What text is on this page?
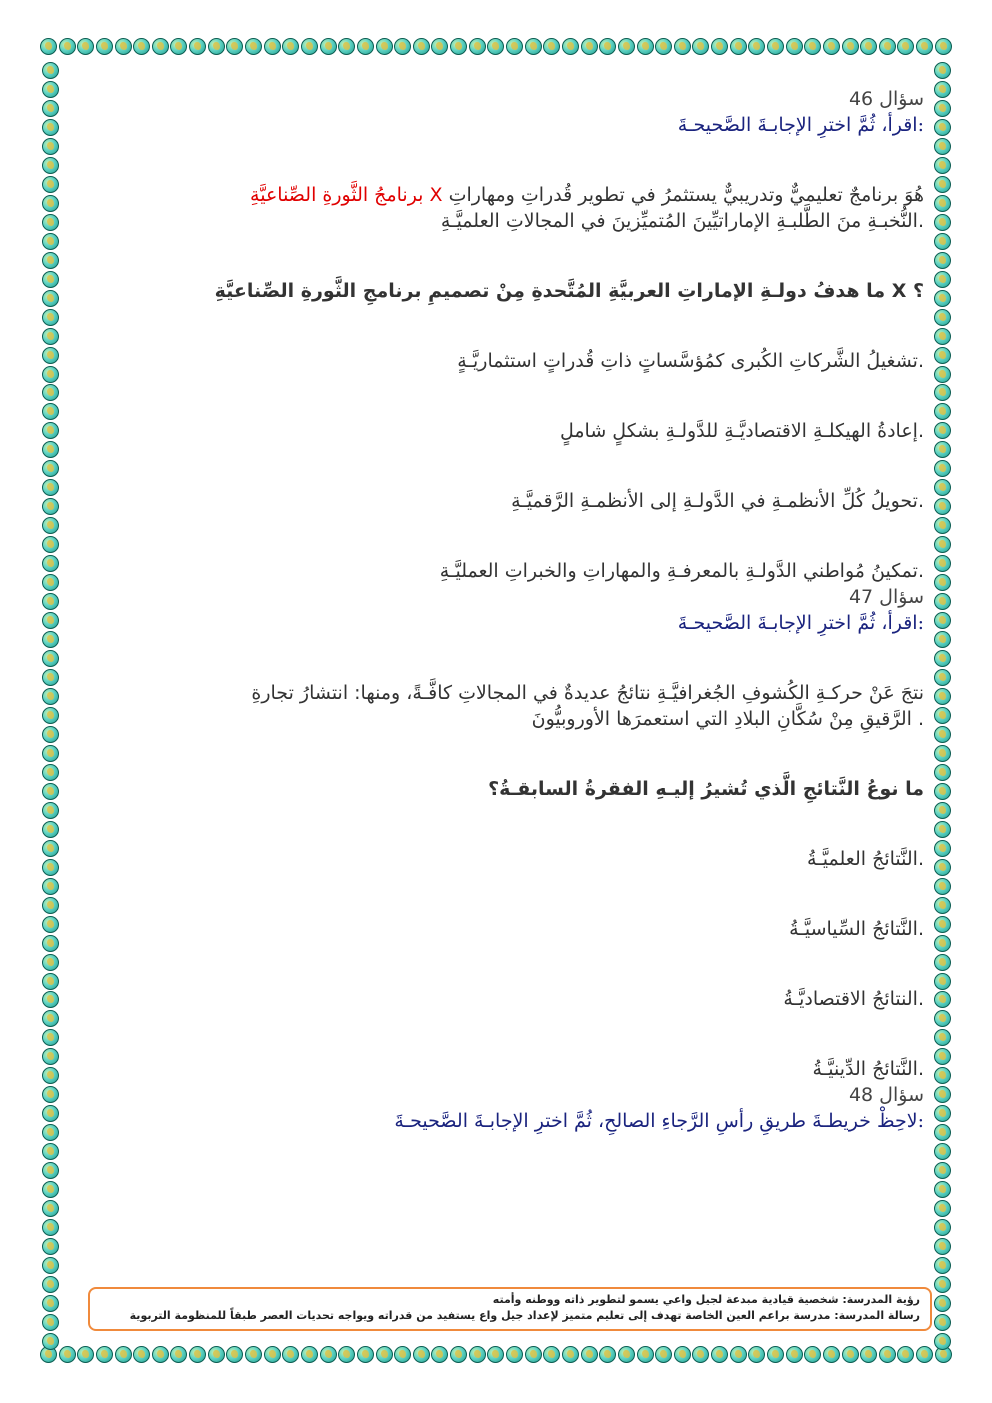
سؤال 46
:اقرأ، ثُمَّ اخترِ الإجابـةَ الصَّحيحـةَ
هُوَ برنامجٌ تعليميٌّ وتدريبيٌّ يستثمرُ في تطوير قُدراتِ ومهاراتِ X برنامجُ الثَّورةِ الصِّناعيَّةِ
.النُّخبـةِ منَ الطَّلبـةِ الإماراتيِّينَ المُتميِّزينَ في المجالاتِ العلميَّـةِ
؟ X ما هدفُ دولـةِ الإماراتِ العربيَّةِ المُتَّحدةِ مِنْ تصميمِ برنامجِ الثَّورةِ الصِّناعيَّةِ
.تشغيلُ الشَّركاتِ الكُبرى كمُؤسَّساتٍ ذاتِ قُدراتٍ استثماريَّـةٍ
.إعادةُ الهيكلـةِ الاقتصاديَّـةِ للدَّولـةِ بشكلٍ شاملٍ
.تحويلُ كُلِّ الأنظمـةِ في الدَّولـةِ إلى الأنظمـةِ الرَّقميَّـةِ
.تمكينُ مُواطني الدَّولـةِ بالمعرفـةِ والمهاراتِ والخبراتِ العمليَّـةِ
سؤال 47
:اقرأ، ثُمَّ اخترِ الإجابـةَ الصَّحيحـةَ
نتجَ عَنْ حركـةِ الكُشوفِ الجُغرافيَّـةِ نتائجُ عديدةٌ في المجالاتِ كافَّـةً، ومنها: انتشارُ تجارةِ
. الرَّقيقِ مِنْ سُكَّانِ البلادِ التي استعمرَها الأوروبيُّونَ
ما نوعُ النَّتائجِ الَّذي تُشيرُ إليـهِ الفقرةُ السابقـةُ؟
.النَّتائجُ العلميَّـةُ
.النَّتائجُ السِّياسيَّـةُ
.النتائجُ الاقتصاديَّـةُ
.النَّتائجُ الدِّينيَّـةُ
سؤال 48
:لاحِظْ خريطـةَ طريقِ رأسِ الرَّجاءِ الصالحِ، ثُمَّ اخترِ الإجابـةَ الصَّحيحـةَ
رؤية المدرسة: شخصية قيادية مبدعة لجيل واعي يسمو لتطوير ذاته ووطنه وأمته
رسالة المدرسة: مدرسة براعم العين الخاصة تهدف إلى تعليم متميز لإعداد جيل واع يستفيد من قدراته ويواجه تحديات العصر طبقاً للمنظومة التربوية
